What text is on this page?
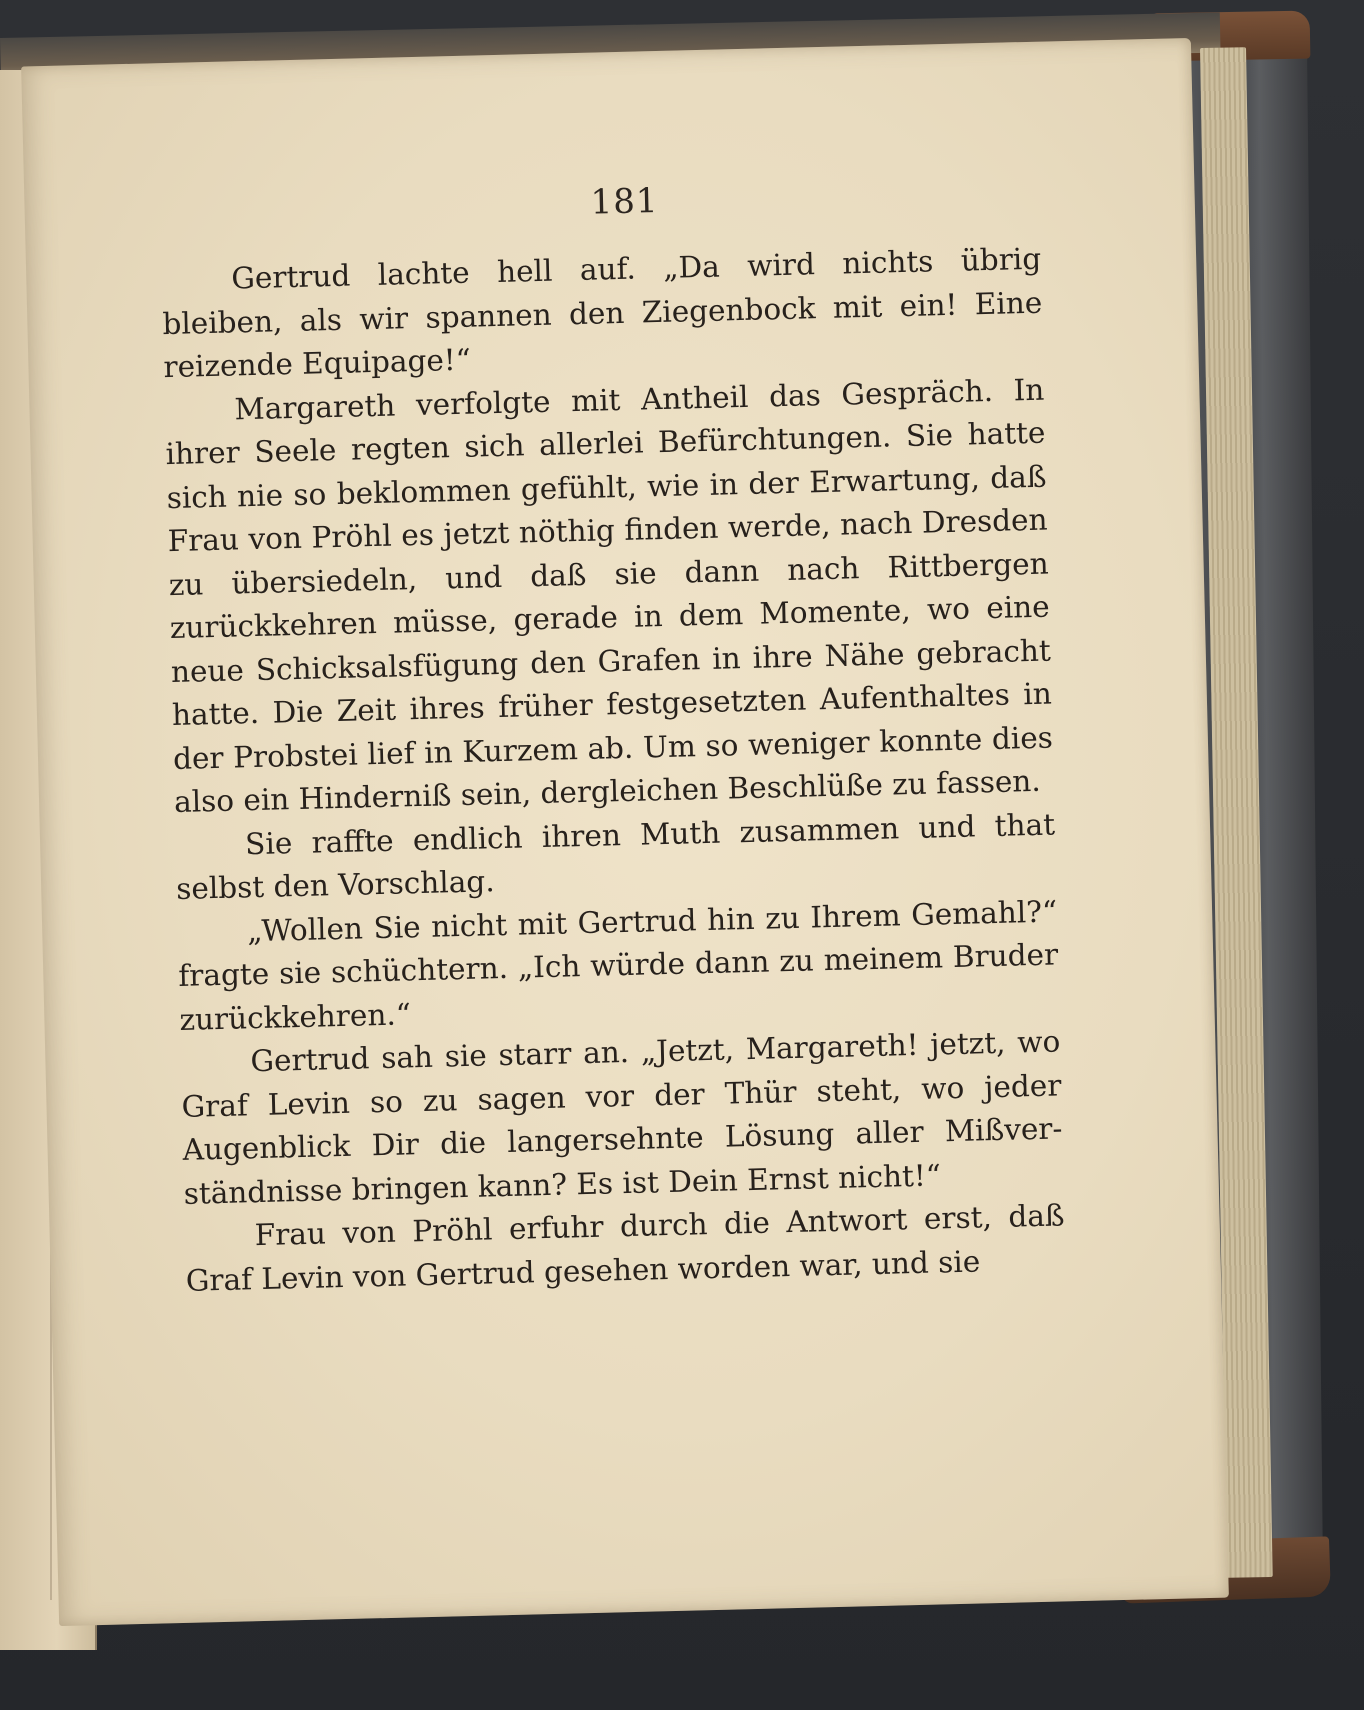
181

Gertrud lachte hell auf. „Da wird nichts übrig bleiben, als wir spannen den Ziegenbock mit ein! Eine reizende Equipage!“

Margareth verfolgte mit Antheil das Gespräch. In ihrer Seele regten sich allerlei Befürchtungen. Sie hatte sich nie so beklommen gefühlt, wie in der Erwartung, daß Frau von Pröhl es jetzt nöthig finden werde, nach Dresden zu übersiedeln, und daß sie dann nach Rittbergen zurückkehren müsse, gerade in dem Momente, wo eine neue Schicksalsfügung den Grafen in ihre Nähe gebracht hatte. Die Zeit ihres früher festgesetzten Aufenthaltes in der Probstei lief in Kurzem ab. Um so weniger konnte dies also ein Hinderniß sein, dergleichen Beschlüße zu fassen.

Sie raffte endlich ihren Muth zusammen und that selbst den Vorschlag.

„Wollen Sie nicht mit Gertrud hin zu Ihrem Gemahl?“ fragte sie schüchtern. „Ich würde dann zu meinem Bruder zurückkehren.“

Gertrud sah sie starr an. „Jetzt, Margareth! jetzt, wo Graf Levin so zu sagen vor der Thür steht, wo jeder Augenblick Dir die langersehnte Lösung aller Mißverständnisse bringen kann? Es ist Dein Ernst nicht!“

Frau von Pröhl erfuhr durch die Antwort erst, daß Graf Levin von Gertrud gesehen worden war, und sie
